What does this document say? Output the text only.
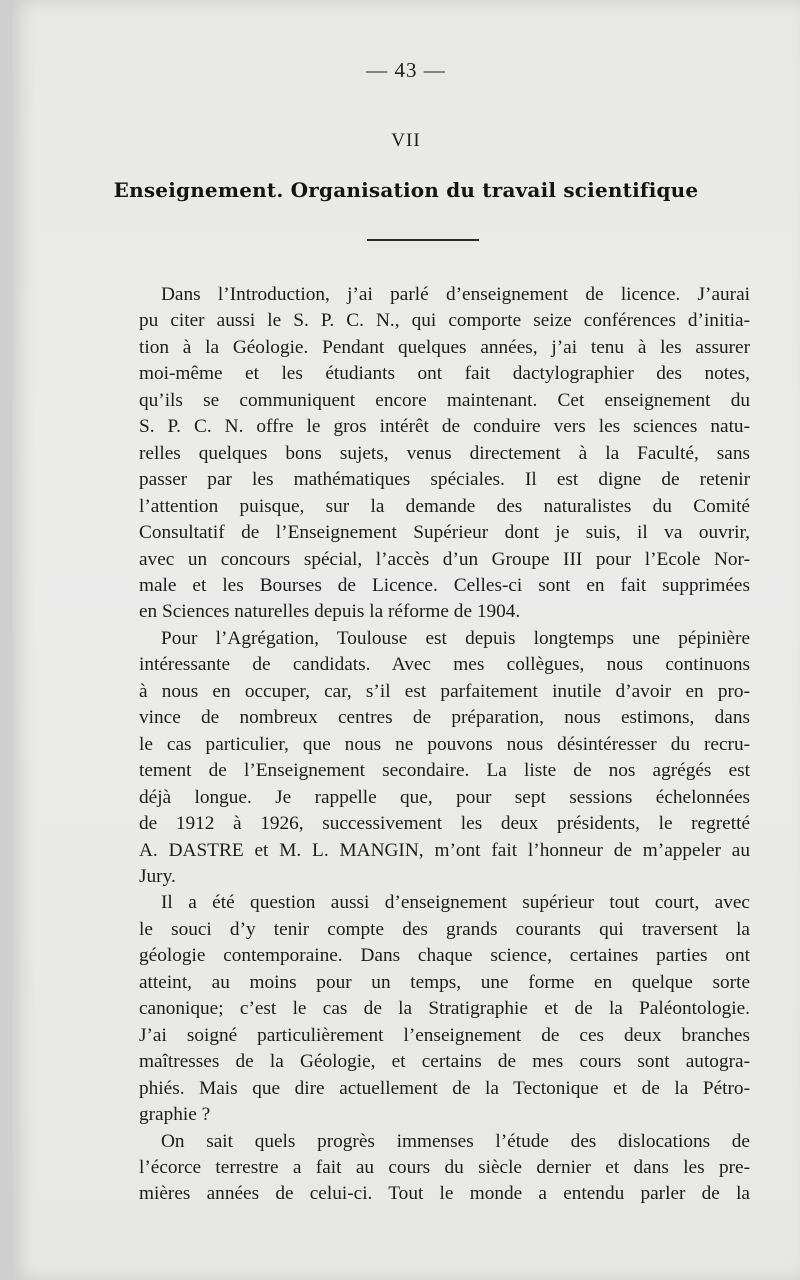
— 43 —
VII
Enseignement. Organisation du travail scientifique

Dans l’Introduction, j’ai parlé d’enseignement de licence. J’aurai
pu citer aussi le S. P. C. N., qui comporte seize conférences d’initia-
tion à la Géologie. Pendant quelques années, j’ai tenu à les assurer
moi-même et les étudiants ont fait dactylographier des notes,
qu’ils se communiquent encore maintenant. Cet enseignement du
S. P. C. N. offre le gros intérêt de conduire vers les sciences natu-
relles quelques bons sujets, venus directement à la Faculté, sans
passer par les mathématiques spéciales. Il est digne de retenir
l’attention puisque, sur la demande des naturalistes du Comité
Consultatif de l’Enseignement Supérieur dont je suis, il va ouvrir,
avec un concours spécial, l’accès d’un Groupe III pour l’Ecole Nor-
male et les Bourses de Licence. Celles-ci sont en fait supprimées
en Sciences naturelles depuis la réforme de 1904.

Pour l’Agrégation, Toulouse est depuis longtemps une pépinière
intéressante de candidats. Avec mes collègues, nous continuons
à nous en occuper, car, s’il est parfaitement inutile d’avoir en pro-
vince de nombreux centres de préparation, nous estimons, dans
le cas particulier, que nous ne pouvons nous désintéresser du recru-
tement de l’Enseignement secondaire. La liste de nos agrégés est
déjà longue. Je rappelle que, pour sept sessions échelonnées
de 1912 à 1926, successivement les deux présidents, le regretté
A. DASTRE et M. L. MANGIN, m’ont fait l’honneur de m’appeler au
Jury.

Il a été question aussi d’enseignement supérieur tout court, avec
le souci d’y tenir compte des grands courants qui traversent la
géologie contemporaine. Dans chaque science, certaines parties ont
atteint, au moins pour un temps, une forme en quelque sorte
canonique; c’est le cas de la Stratigraphie et de la Paléontologie.
J’ai soigné particulièrement l’enseignement de ces deux branches
maîtresses de la Géologie, et certains de mes cours sont autogra-
phiés. Mais que dire actuellement de la Tectonique et de la Pétro-
graphie ?

On sait quels progrès immenses l’étude des dislocations de
l’écorce terrestre a fait au cours du siècle dernier et dans les pre-
mières années de celui-ci. Tout le monde a entendu parler de la
